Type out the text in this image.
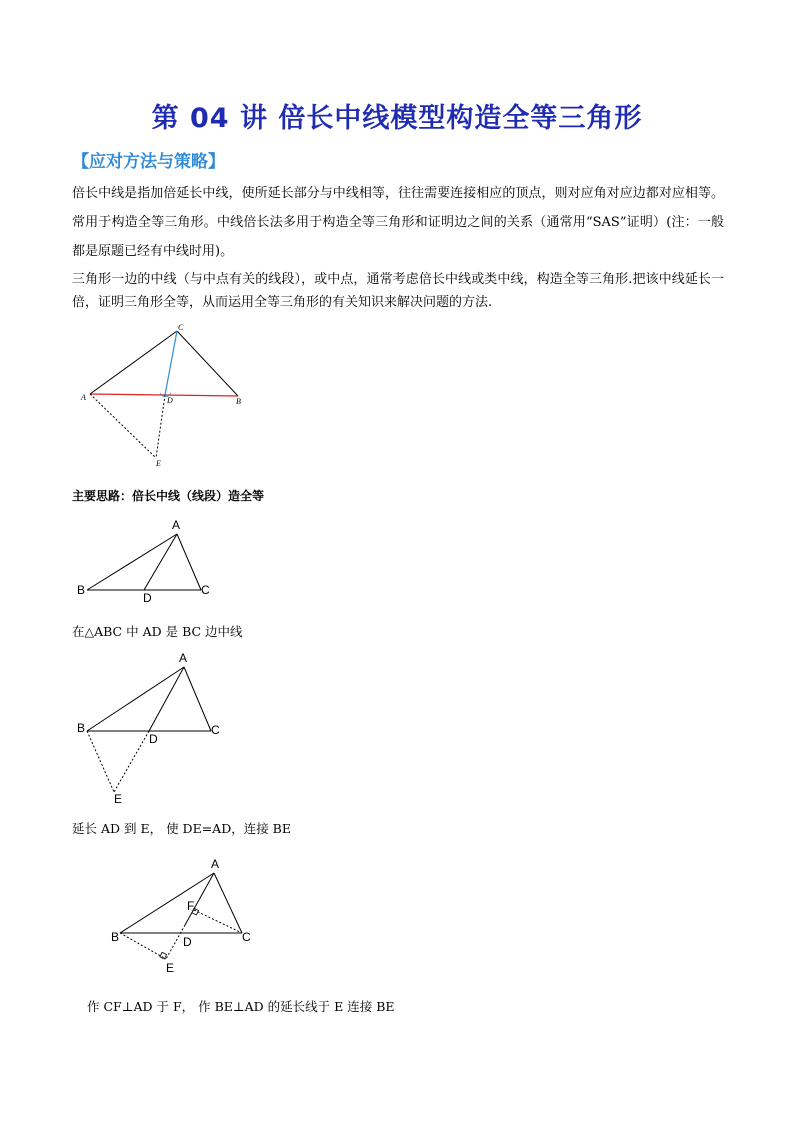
第 04 讲 倍长中线模型构造全等三角形
【应对方法与策略】
倍长中线是指加倍延长中线，使所延长部分与中线相等，往往需要连接相应的顶点，则对应角对应边都对应相等。常用于构造全等三角形。中线倍长法多用于构造全等三角形和证明边之间的关系（通常用“SAS”证明）(注：一般都是原题已经有中线时用)。
三角形一边的中线（与中点有关的线段），或中点，通常考虑倍长中线或类中线，构造全等三角形.把该中线延长一倍，证明三角形全等，从而运用全等三角形的有关知识来解决问题的方法.
C
A	D	B
E
A
B	C
D
A
B	C
D
E
A
F
B	C
D
E
主要思路：倍长中线（线段）造全等
在△ABC 中 AD 是 BC 边中线
延长 AD 到 E， 使 DE=AD，连接 BE
作 CF⊥AD 于 F， 作 BE⊥AD 的延长线于 E 连接 BE
